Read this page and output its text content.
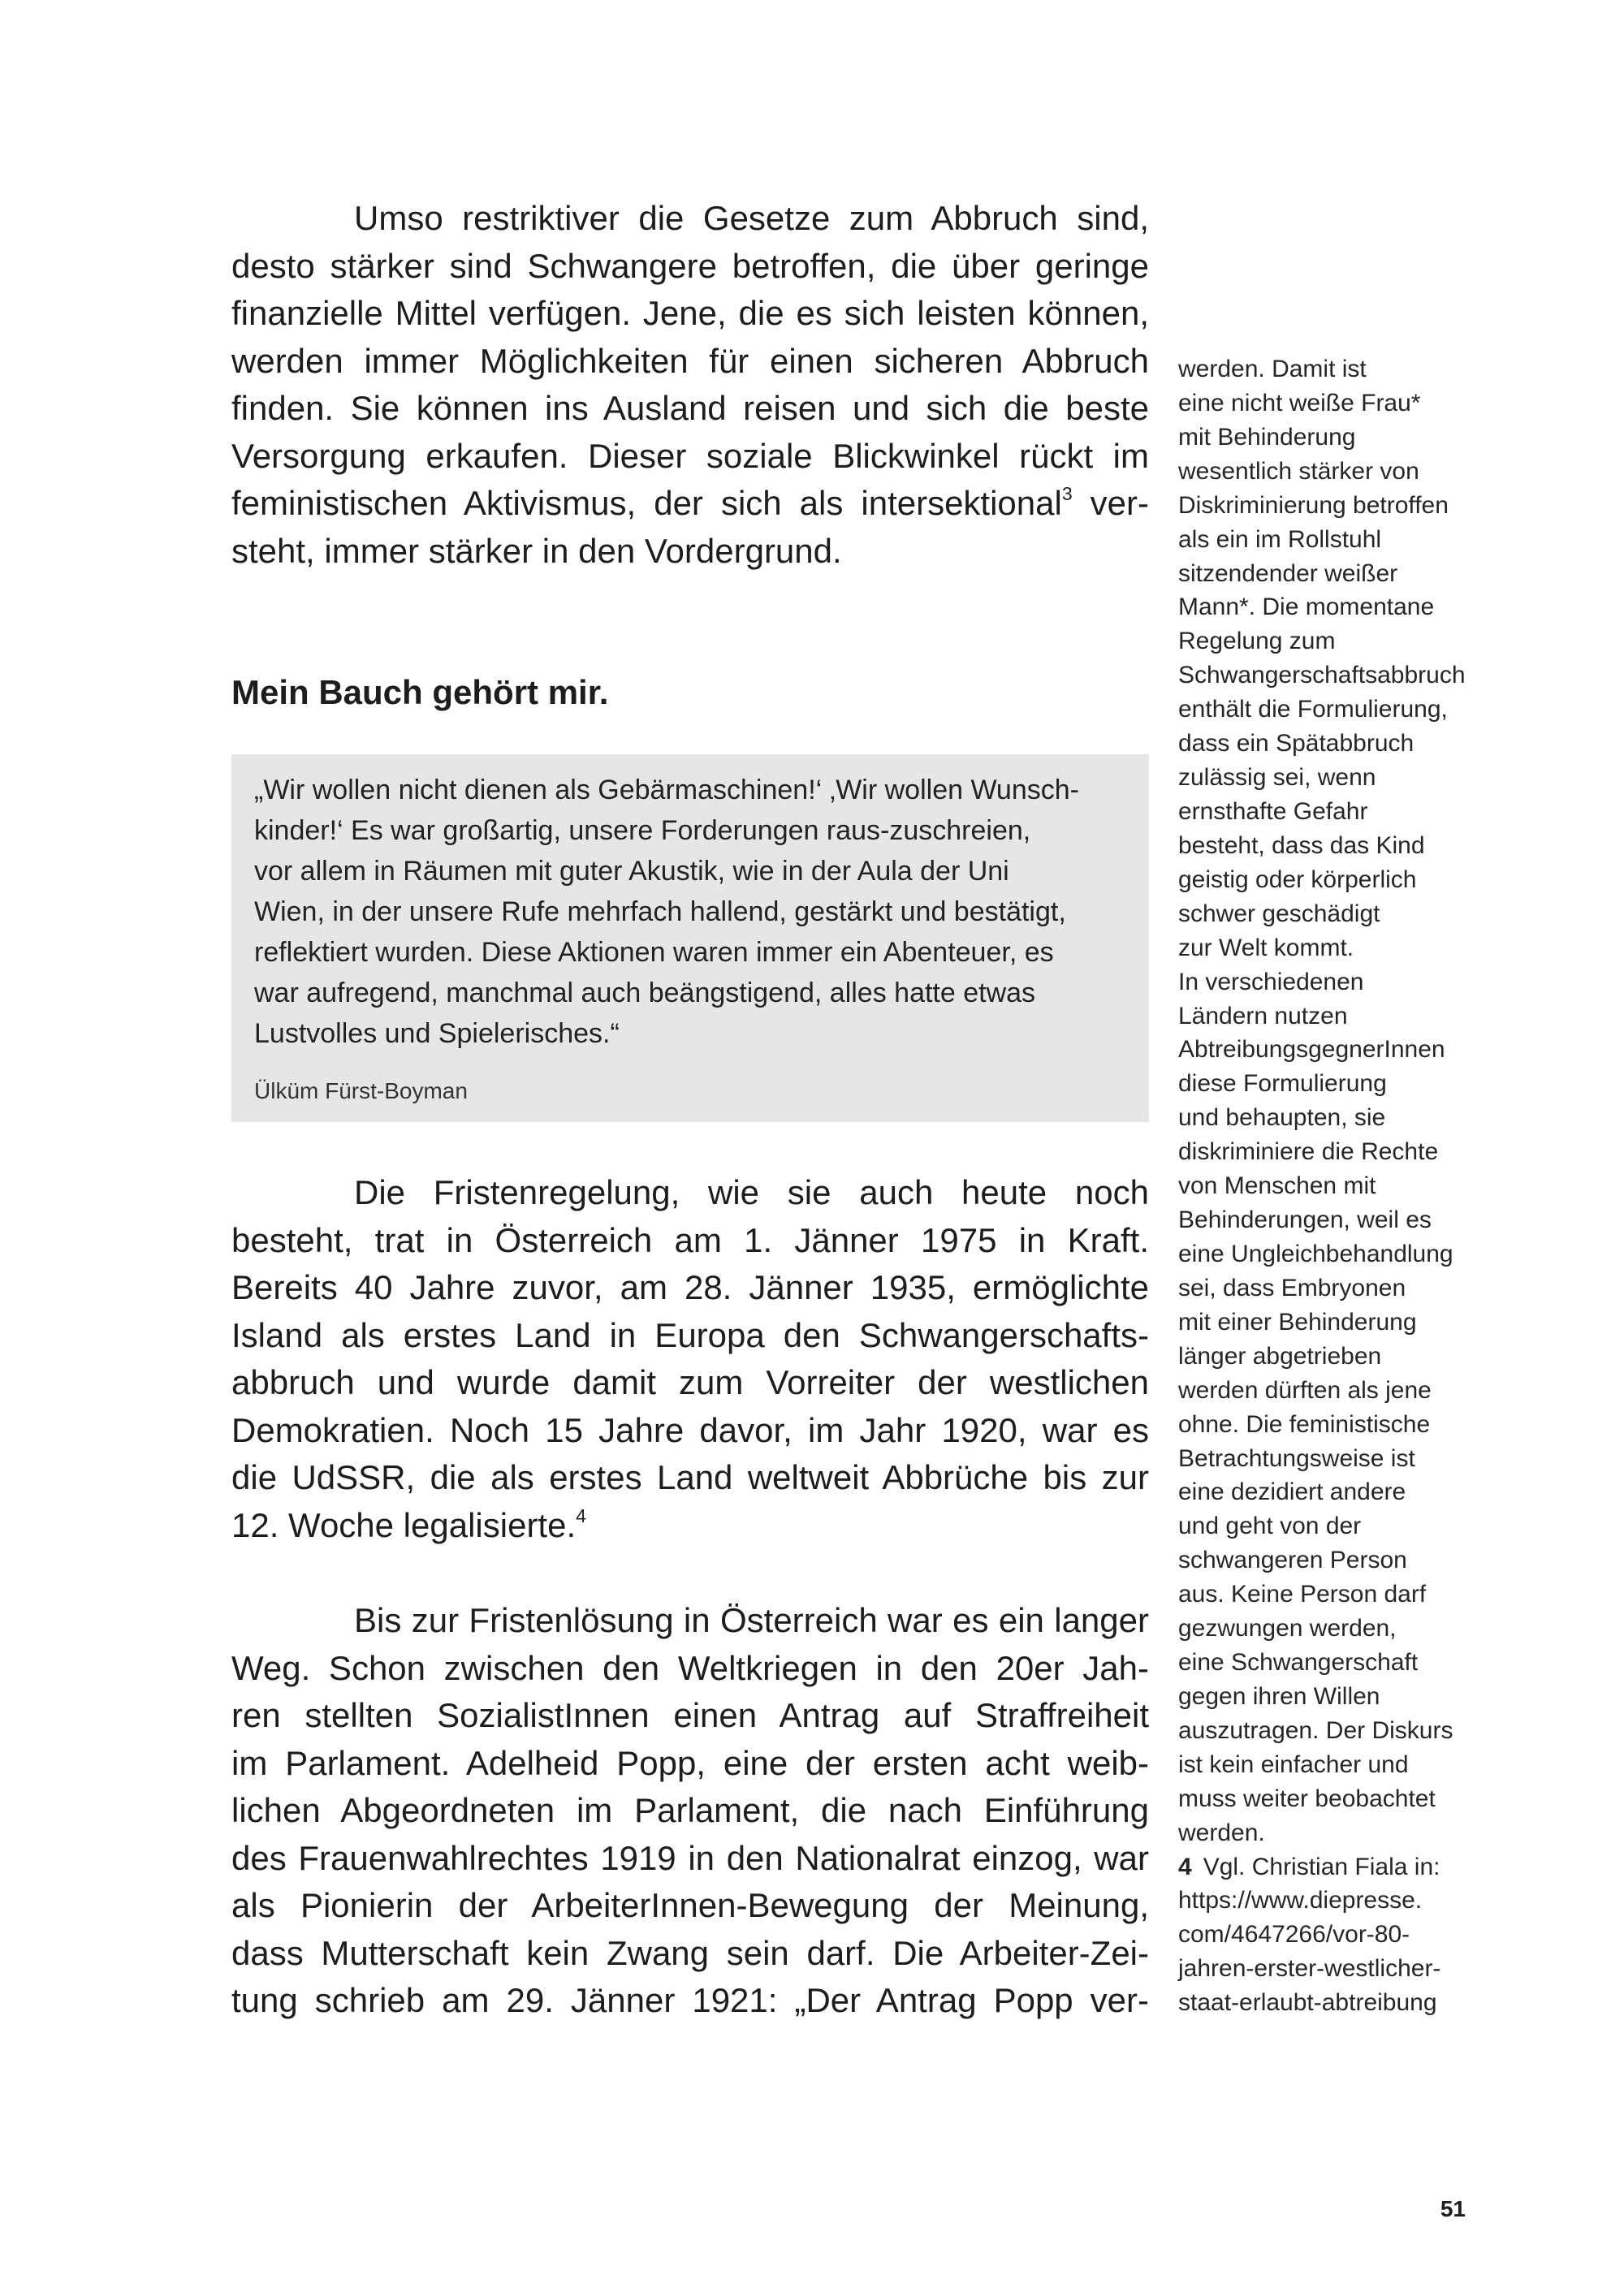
Umso restriktiver die Gesetze zum Abbruch sind,
desto stärker sind Schwangere betroffen, die über geringe
finanzielle Mittel verfügen. Jene, die es sich leisten können,
werden immer Möglichkeiten für einen sicheren Abbruch
finden. Sie können ins Ausland reisen und sich die beste
Versorgung erkaufen. Dieser soziale Blickwinkel rückt im
feministischen Aktivismus, der sich als intersektional$^3$ ver-
steht, immer stärker in den Vordergrund.
Mein Bauch gehört mir.
„Wir wollen nicht dienen als Gebärmaschinen!‘ ‚Wir wollen Wunsch-
kinder!‘ Es war großartig, unsere Forderungen raus-zuschreien,
vor allem in Räumen mit guter Akustik, wie in der Aula der Uni
Wien, in der unsere Rufe mehrfach hallend, gestärkt und bestätigt,
reflektiert wurden. Diese Aktionen waren immer ein Abenteuer, es
war aufregend, manchmal auch beängstigend, alles hatte etwas
Lustvolles und Spielerisches.“
Ülküm Fürst-Boyman
Die Fristenregelung, wie sie auch heute noch
besteht, trat in Österreich am 1. Jänner 1975 in Kraft.
Bereits 40 Jahre zuvor, am 28. Jänner 1935, ermöglichte
Island als erstes Land in Europa den Schwangerschafts-
abbruch und wurde damit zum Vorreiter der westlichen
Demokratien. Noch 15 Jahre davor, im Jahr 1920, war es
die UdSSR, die als erstes Land weltweit Abbrüche bis zur
12. Woche legalisierte.$^4$
Bis zur Fristenlösung in Österreich war es ein langer
Weg. Schon zwischen den Weltkriegen in den 20er Jah-
ren stellten SozialistInnen einen Antrag auf Straffreiheit
im Parlament. Adelheid Popp, eine der ersten acht weib-
lichen Abgeordneten im Parlament, die nach Einführung
des Frauenwahlrechtes 1919 in den Nationalrat einzog, war
als Pionierin der ArbeiterInnen-Bewegung der Meinung,
dass Mutterschaft kein Zwang sein darf. Die Arbeiter-Zei-
tung schrieb am 29. Jänner 1921: „Der Antrag Popp ver-
werden. Damit ist
eine nicht weiße Frau*
mit Behinderung
wesentlich stärker von
Diskriminierung betroffen
als ein im Rollstuhl
sitzendender weißer
Mann*. Die momentane
Regelung zum
Schwangerschaftsabbruch
enthält die Formulierung,
dass ein Spätabbruch
zulässig sei, wenn
ernsthafte Gefahr
besteht, dass das Kind
geistig oder körperlich
schwer geschädigt
zur Welt kommt.
In verschiedenen
Ländern nutzen
AbtreibungsgegnerInnen
diese Formulierung
und behaupten, sie
diskriminiere die Rechte
von Menschen mit
Behinderungen, weil es
eine Ungleichbehandlung
sei, dass Embryonen
mit einer Behinderung
länger abgetrieben
werden dürften als jene
ohne. Die feministische
Betrachtungsweise ist
eine dezidiert andere
und geht von der
schwangeren Person
aus. Keine Person darf
gezwungen werden,
eine Schwangerschaft
gegen ihren Willen
auszutragen. Der Diskurs
ist kein einfacher und
muss weiter beobachtet
werden.
4 Vgl. Christian Fiala in:
https://www.diepresse.
com/4647266/vor-80-
jahren-erster-westlicher-
staat-erlaubt-abtreibung
51
